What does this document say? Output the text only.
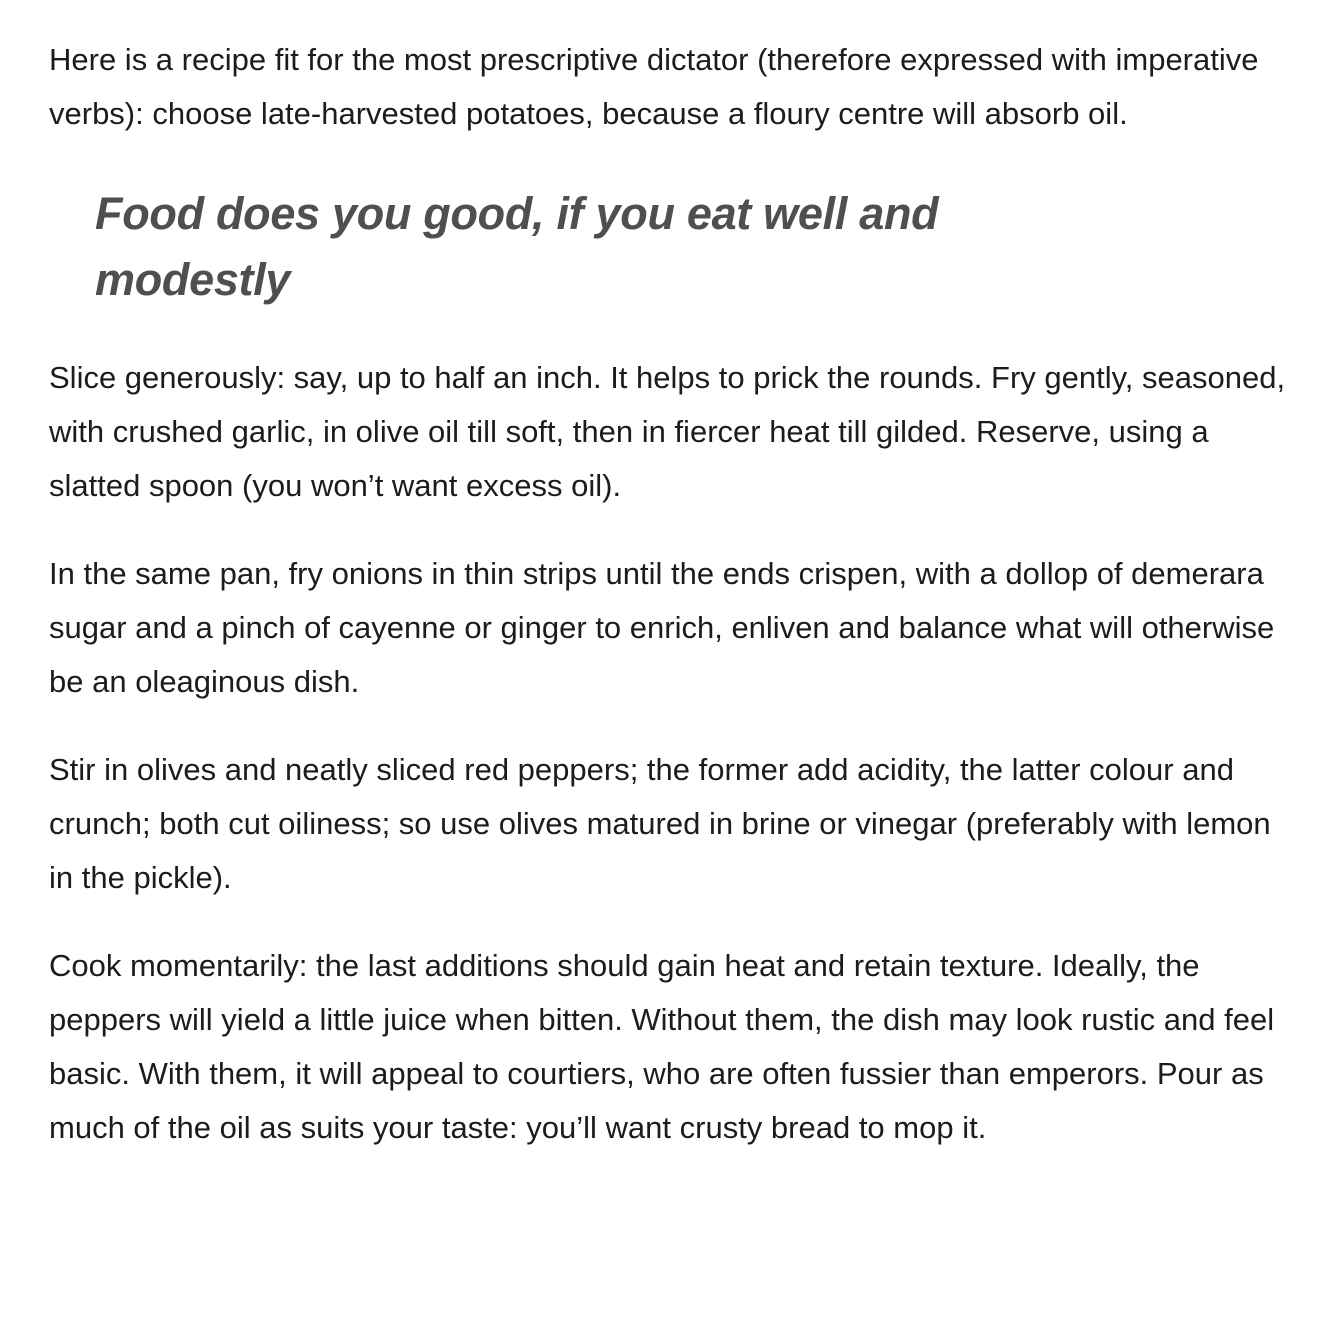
Here is a recipe fit for the most prescriptive dictator (therefore expressed with imperative verbs): choose late-harvested potatoes, because a floury centre will absorb oil.

Food does you good, if you eat well and modestly

Slice generously: say, up to half an inch. It helps to prick the rounds. Fry gently, seasoned, with crushed garlic, in olive oil till soft, then in fiercer heat till gilded. Reserve, using a slatted spoon (you won’t want excess oil).

In the same pan, fry onions in thin strips until the ends crispen, with a dollop of demerara sugar and a pinch of cayenne or ginger to enrich, enliven and balance what will otherwise be an oleaginous dish.

Stir in olives and neatly sliced red peppers; the former add acidity, the latter colour and crunch; both cut oiliness; so use olives matured in brine or vinegar (preferably with lemon in the pickle).

Cook momentarily: the last additions should gain heat and retain texture. Ideally, the peppers will yield a little juice when bitten. Without them, the dish may look rustic and feel basic. With them, it will appeal to courtiers, who are often fussier than emperors. Pour as much of the oil as suits your taste: you’ll want crusty bread to mop it.
